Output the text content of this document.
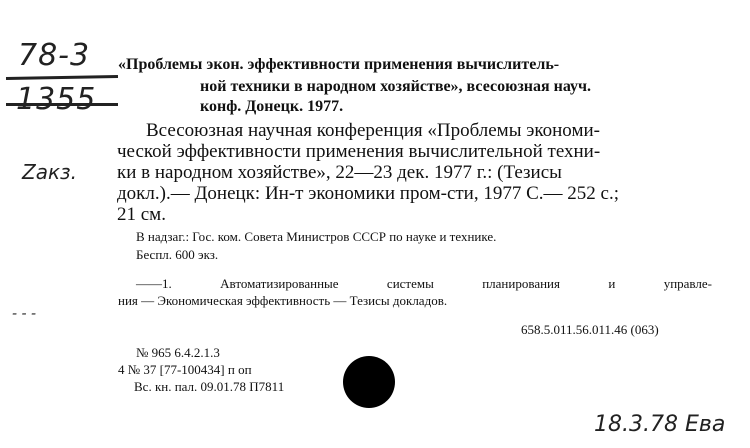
78-3
1355
Zакз.
- - -
«Проблемы экон. эффективности применения вычислитель-
ной техники в народном хозяйстве», всесоюзная науч.
конф. Донецк. 1977.
Всесоюзная научная конференция «Проблемы экономи-
ческой эффективности применения вычислительной техни-
ки в народном хозяйстве», 22—23 дек. 1977 г.: (Тезисы
докл.).— Донецк: Ин-т экономики пром-сти, 1977 С.— 252 с.;
21 см.
В надзаг.: Гос. ком. Совета Министров СССР по науке и технике.
Беспл. 600 экз.
——1.	Автоматизированные	системы	планирования	и	управле-
ния — Экономическая эффективность — Тезисы докладов.
658.5.011.56.011.46 (063)
№ 965 6.4.2.1.3
4 № 37 [77-100434] п оп
Вс. кн. пал. 09.01.78 П7811
18.3.78 Ева
